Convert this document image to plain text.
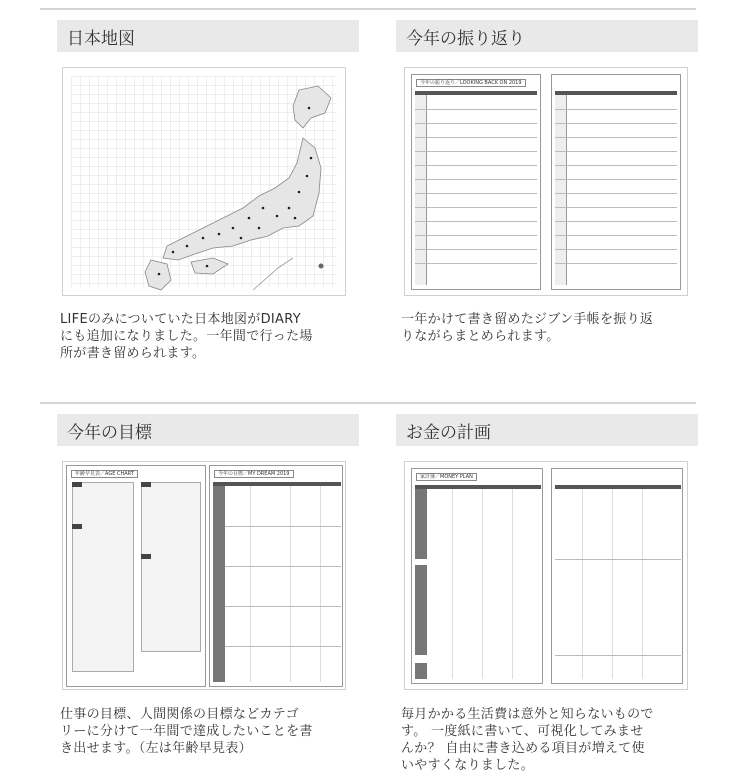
日本地図
LIFEのみについていた日本地図がDIARY
にも追加になりました。一年間で行った場
所が書き留められます。
今年の振り返り
今年の振り返り／LOOKING BACK ON 2019
一年かけて書き留めたジブン手帳を振り返
りながらまとめられます。
今年の目標
年齢早見表／AGE CHART	今年の目標／MY DREAM 2019
仕事の目標、人間関係の目標などカテゴ
リーに分けて一年間で達成したいことを書
き出せます。（左は年齢早見表）
お金の計画
家計簿／MONEY PLAN
毎月かかる生活費は意外と知らないもので
す。 一度紙に書いて、可視化してみませ
んか？ 自由に書き込める項目が増えて使
いやすくなりました。
